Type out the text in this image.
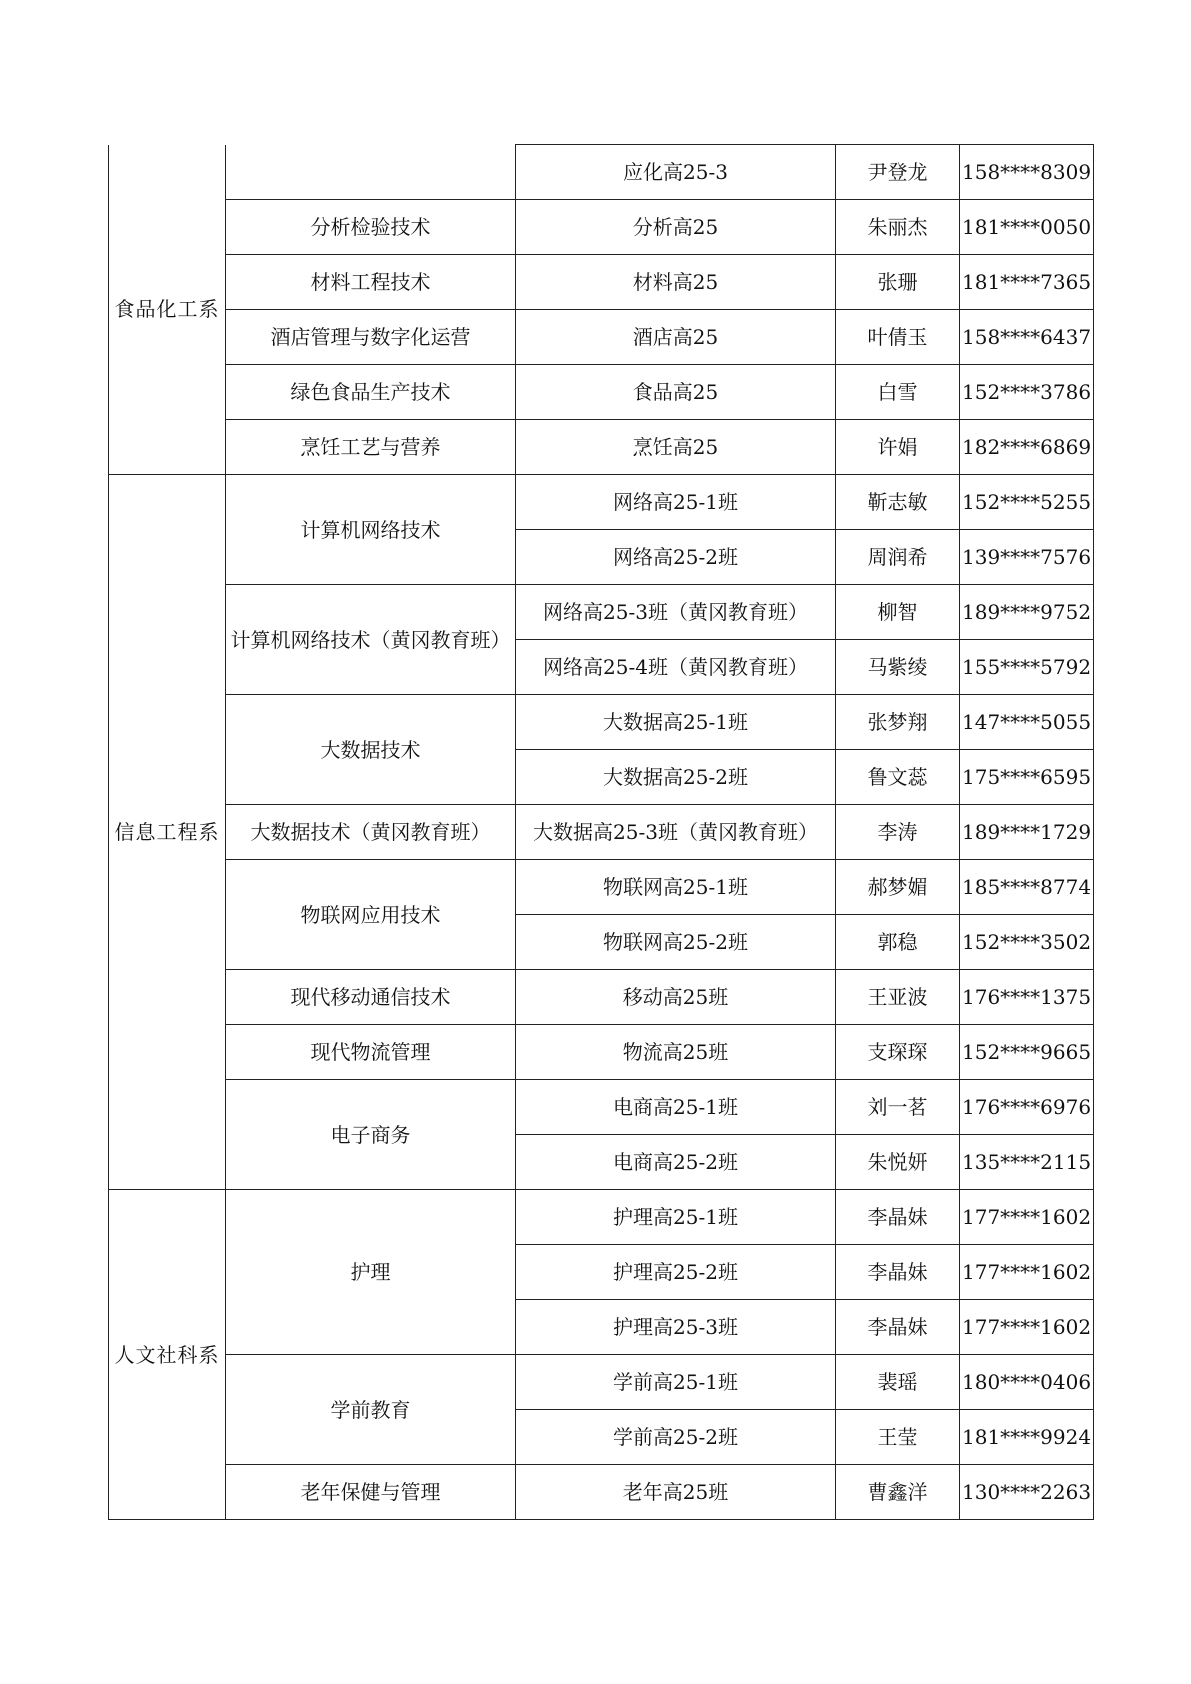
食品化工系		应化高25-3	尹登龙	158****8309
	分析检验技术	分析高25	朱丽杰	181****0050
	材料工程技术	材料高25	张珊	181****7365
	酒店管理与数字化运营	酒店高25	叶倩玉	158****6437
	绿色食品生产技术	食品高25	白雪	152****3786
	烹饪工艺与营养	烹饪高25	许娟	182****6869
信息工程系	计算机网络技术	网络高25-1班	靳志敏	152****5255
		网络高25-2班	周润希	139****7576
	计算机网络技术（黄冈教育班）	网络高25-3班（黄冈教育班）	柳智	189****9752
		网络高25-4班（黄冈教育班）	马紫绫	155****5792
	大数据技术	大数据高25-1班	张梦翔	147****5055
		大数据高25-2班	鲁文蕊	175****6595
	大数据技术（黄冈教育班）	大数据高25-3班（黄冈教育班）	李涛	189****1729
	物联网应用技术	物联网高25-1班	郝梦媚	185****8774
		物联网高25-2班	郭稳	152****3502
	现代移动通信技术	移动高25班	王亚波	176****1375
	现代物流管理	物流高25班	支琛琛	152****9665
	电子商务	电商高25-1班	刘一茗	176****6976
		电商高25-2班	朱悦妍	135****2115
人文社科系	护理	护理高25-1班	李晶妹	177****1602
		护理高25-2班	李晶妹	177****1602
		护理高25-3班	李晶妹	177****1602
	学前教育	学前高25-1班	裴瑶	180****0406
		学前高25-2班	王莹	181****9924
	老年保健与管理	老年高25班	曹鑫洋	130****2263
